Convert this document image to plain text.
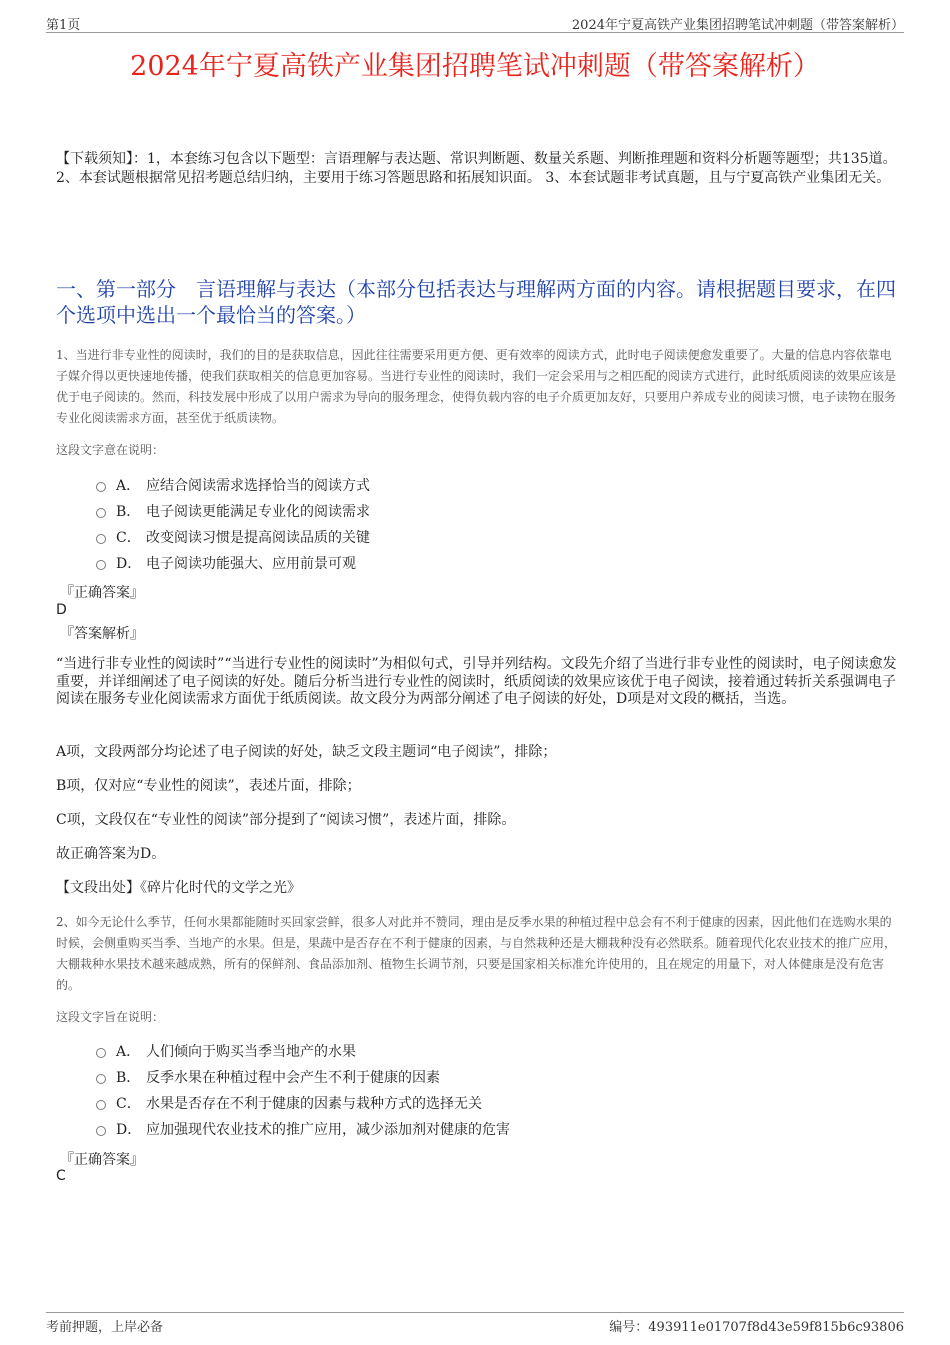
第1页	2024年宁夏高铁产业集团招聘笔试冲刺题（带答案解析）
2024年宁夏高铁产业集团招聘笔试冲刺题（带答案解析）

【下载须知】：1，本套练习包含以下题型：言语理解与表达题、常识判断题、数量关系题、判断推理题和资料分析题等题型；共135道。 2、本套试题根据常见招考题总结归纳，主要用于练习答题思路和拓展知识面。 3、本套试题非考试真题，且与宁夏高铁产业集团无关。

一、第一部分　言语理解与表达（本部分包括表达与理解两方面的内容。请根据题目要求，在四个选项中选出一个最恰当的答案。）

1、当进行非专业性的阅读时，我们的目的是获取信息，因此往往需要采用更方便、更有效率的阅读方式，此时电子阅读便愈发重要了。大量的信息内容依靠电子媒介得以更快速地传播，使我们获取相关的信息更加容易。当进行专业性的阅读时，我们一定会采用与之相匹配的阅读方式进行，此时纸质阅读的效果应该是优于电子阅读的。然而，科技发展中形成了以用户需求为导向的服务理念，使得负载内容的电子介质更加友好，只要用户养成专业的阅读习惯，电子读物在服务专业化阅读需求方面，甚至优于纸质读物。

这段文字意在说明：

A． 应结合阅读需求选择恰当的阅读方式
B． 电子阅读更能满足专业化的阅读需求
C． 改变阅读习惯是提高阅读品质的关键
D． 电子阅读功能强大、应用前景可观
『正确答案』
D
『答案解析』

“当进行非专业性的阅读时”“当进行专业性的阅读时”为相似句式，引导并列结构。文段先介绍了当进行非专业性的阅读时，电子阅读愈发重要，并详细阐述了电子阅读的好处。随后分析当进行专业性的阅读时，纸质阅读的效果应该优于电子阅读，接着通过转折关系强调电子阅读在服务专业化阅读需求方面优于纸质阅读。故文段分为两部分阐述了电子阅读的好处，D项是对文段的概括，当选。

A项，文段两部分均论述了电子阅读的好处，缺乏文段主题词“电子阅读”，排除；

B项，仅对应“专业性的阅读”，表述片面，排除；

C项，文段仅在“专业性的阅读”部分提到了“阅读习惯”，表述片面，排除。

故正确答案为D。

【文段出处】《碎片化时代的文学之光》

2、如今无论什么季节，任何水果都能随时买回家尝鲜，很多人对此并不赞同，理由是反季水果的种植过程中总会有不利于健康的因素，因此他们在选购水果的时候，会侧重购买当季、当地产的水果。但是，果蔬中是否存在不利于健康的因素，与自然栽种还是大棚栽种没有必然联系。随着现代化农业技术的推广应用，大棚栽种水果技术越来越成熟，所有的保鲜剂、食品添加剂、植物生长调节剂，只要是国家相关标准允许使用的，且在规定的用量下，对人体健康是没有危害的。

这段文字旨在说明：

A． 人们倾向于购买当季当地产的水果
B． 反季水果在种植过程中会产生不利于健康的因素
C． 水果是否存在不利于健康的因素与栽种方式的选择无关
D． 应加强现代农业技术的推广应用，减少添加剂对健康的危害
『正确答案』
C
考前押题，上岸必备	编号：493911e01707f8d43e59f815b6c93806
